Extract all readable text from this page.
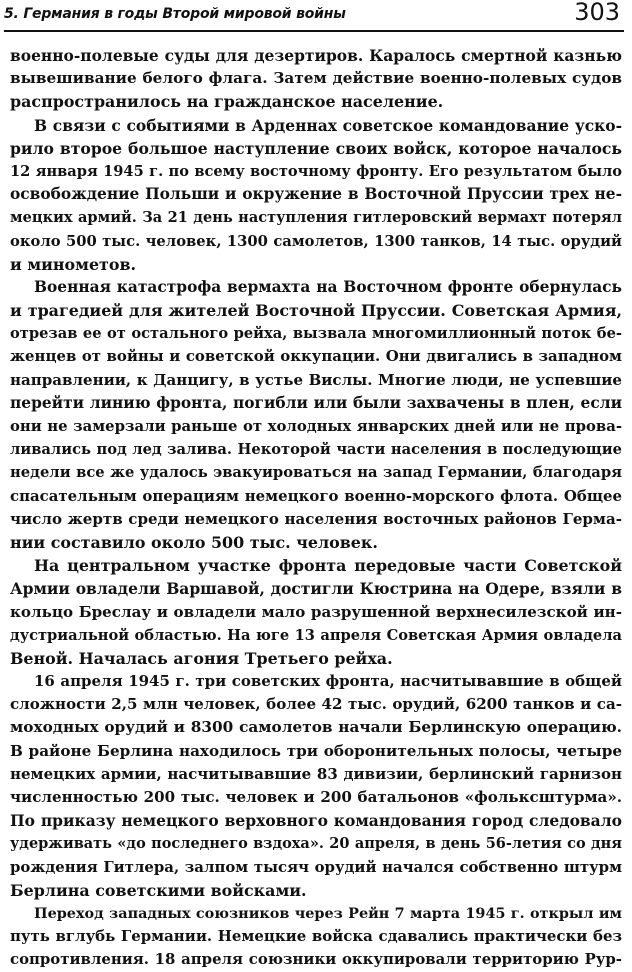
5. Германия в годы Второй мировой войны	303
военно-полевые суды для дезертиров. Каралось смертной казнью
вывешивание белого флага. Затем действие военно-полевых судов
распространилось на гражданское население.
В связи с событиями в Арденнах советское командование уско-
рило второе большое наступление своих войск, которое началось
12 января 1945 г. по всему восточному фронту. Его результатом было
освобождение Польши и окружение в Восточной Пруссии трех не-
мецких армий. За 21 день наступления гитлеровский вермахт потерял
около 500 тыс. человек, 1300 самолетов, 1300 танков, 14 тыс. орудий
и минометов.
Военная катастрофа вермахта на Восточном фронте обернулась
и трагедией для жителей Восточной Пруссии. Советская Армия,
отрезав ее от остального рейха, вызвала многомиллионный поток бе-
женцев от войны и советской оккупации. Они двигались в западном
направлении, к Данцигу, в устье Вислы. Многие люди, не успевшие
перейти линию фронта, погибли или были захвачены в плен, если
они не замерзали раньше от холодных январских дней или не прова-
ливались под лед залива. Некоторой части населения в последующие
недели все же удалось эвакуироваться на запад Германии, благодаря
спасательным операциям немецкого военно-морского флота. Общее
число жертв среди немецкого населения восточных районов Герма-
нии составило около 500 тыс. человек.
На центральном участке фронта передовые части Советской
Армии овладели Варшавой, достигли Кюстрина на Одере, взяли в
кольцо Бреслау и овладели мало разрушенной верхнесилезской ин-
дустриальной областью. На юге 13 апреля Советская Армия овладела
Веной. Началась агония Третьего рейха.
16 апреля 1945 г. три советских фронта, насчитывавшие в общей
сложности 2,5 млн человек, более 42 тыс. орудий, 6200 танков и са-
моходных орудий и 8300 самолетов начали Берлинскую операцию.
В районе Берлина находилось три оборонительных полосы, четыре
немецких армии, насчитывавшие 83 дивизии, берлинский гарнизон
численностью 200 тыс. человек и 200 батальонов «фольксштурма».
По приказу немецкого верховного командования город следовало
удерживать «до последнего вздоха». 20 апреля, в день 56-летия со дня
рождения Гитлера, залпом тысяч орудий начался собственно штурм
Берлина советскими войсками.
Переход западных союзников через Рейн 7 марта 1945 г. открыл им
путь вглубь Германии. Немецкие войска сдавались практически без
сопротивления. 18 апреля союзники оккупировали территорию Рур-
